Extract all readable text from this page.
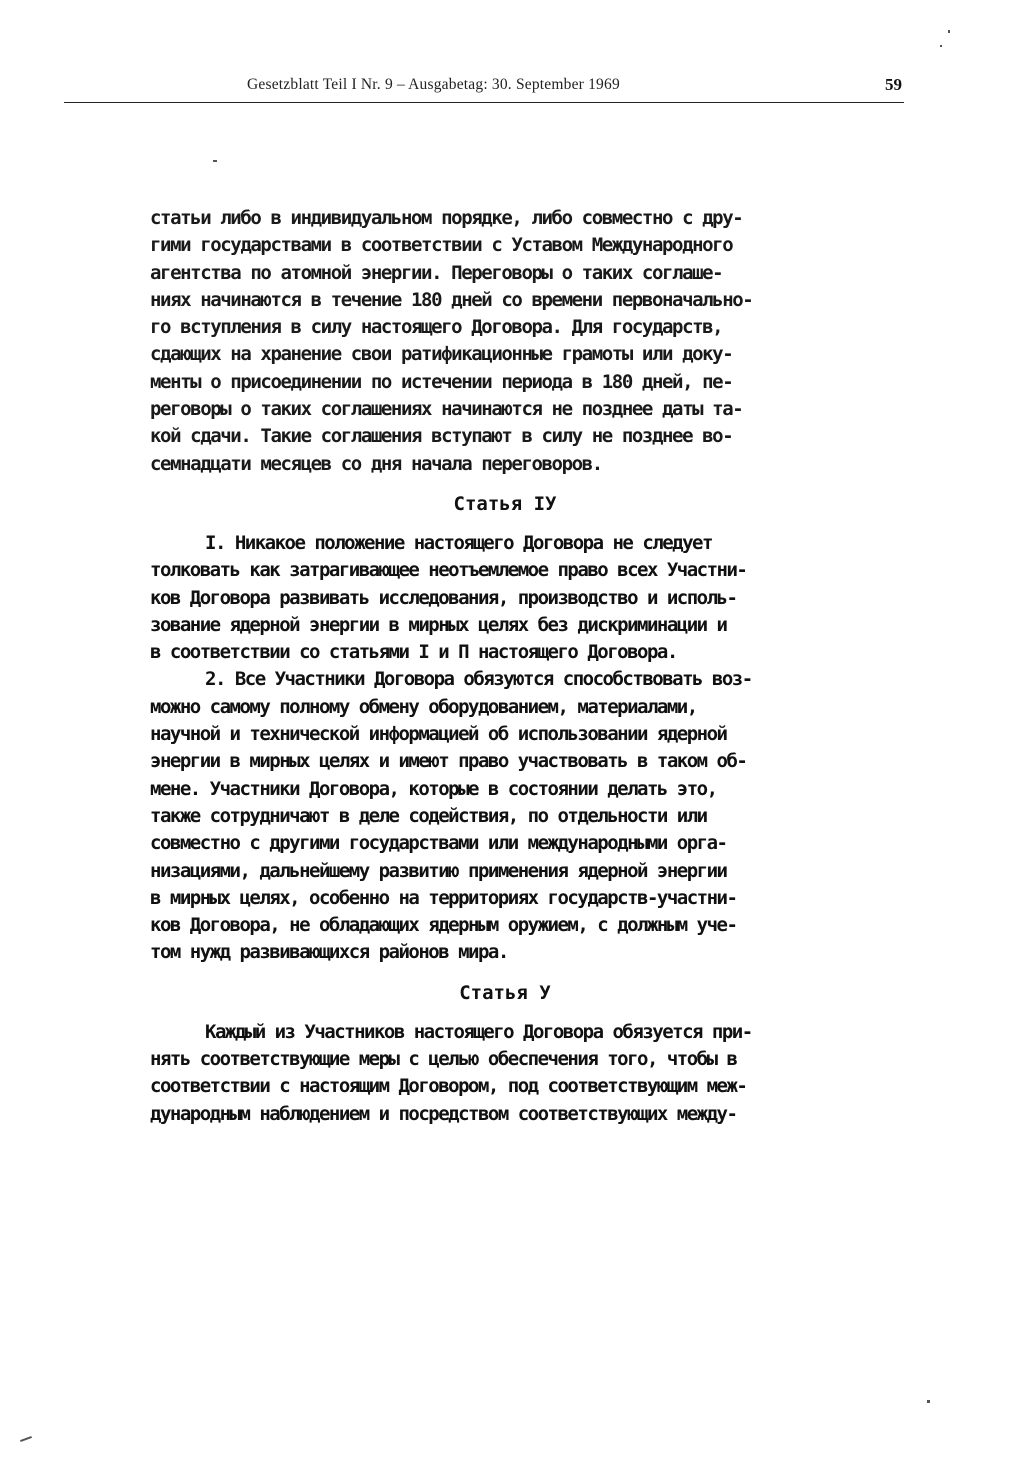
Gesetzblatt Teil I Nr. 9 – Ausgabetag: 30. September 1969	59
статьи либо в индивидуальном порядке, либо совместно с дру-
гими государствами в соответствии с Уставом Международного
агентства по атомной энергии. Переговоры о таких соглаше-
ниях начинаются в течение 180 дней со времени первоначально-
го вступления в силу настоящего Договора. Для государств,
сдающих на хранение свои ратификационные грамоты или доку-
менты о присоединении по истечении периода в 180 дней, пе-
реговоры о таких соглашениях начинаются не позднее даты та-
кой сдачи. Такие соглашения вступают в силу не позднее во-
семнадцати месяцев со дня начала переговоров.
Статья IУ
I. Никакое положение настоящего Договора не следует
толковать как затрагивающее неотъемлемое право всех Участни-
ков Договора развивать исследования, производство и исполь-
зование ядерной энергии в мирных целях без дискриминации и
в соответствии со статьями I и П настоящего Договора.
2. Все Участники Договора обязуются способствовать воз-
можно самому полному обмену оборудованием, материалами,
научной и технической информацией об использовании ядерной
энергии в мирных целях и имеют право участвовать в таком об-
мене. Участники Договора, которые в состоянии делать это,
также сотрудничают в деле содействия, по отдельности или
совместно с другими государствами или международными орга-
низациями, дальнейшему развитию применения ядерной энергии
в мирных целях, особенно на территориях государств-участни-
ков Договора, не обладающих ядерным оружием, с должным уче-
том нужд развивающихся районов мира.
Статья У
Каждый из Участников настоящего Договора обязуется при-
нять соответствующие меры с целью обеспечения того, чтобы в
соответствии с настоящим Договором, под соответствующим меж-
дународным наблюдением и посредством соответствующих между-
